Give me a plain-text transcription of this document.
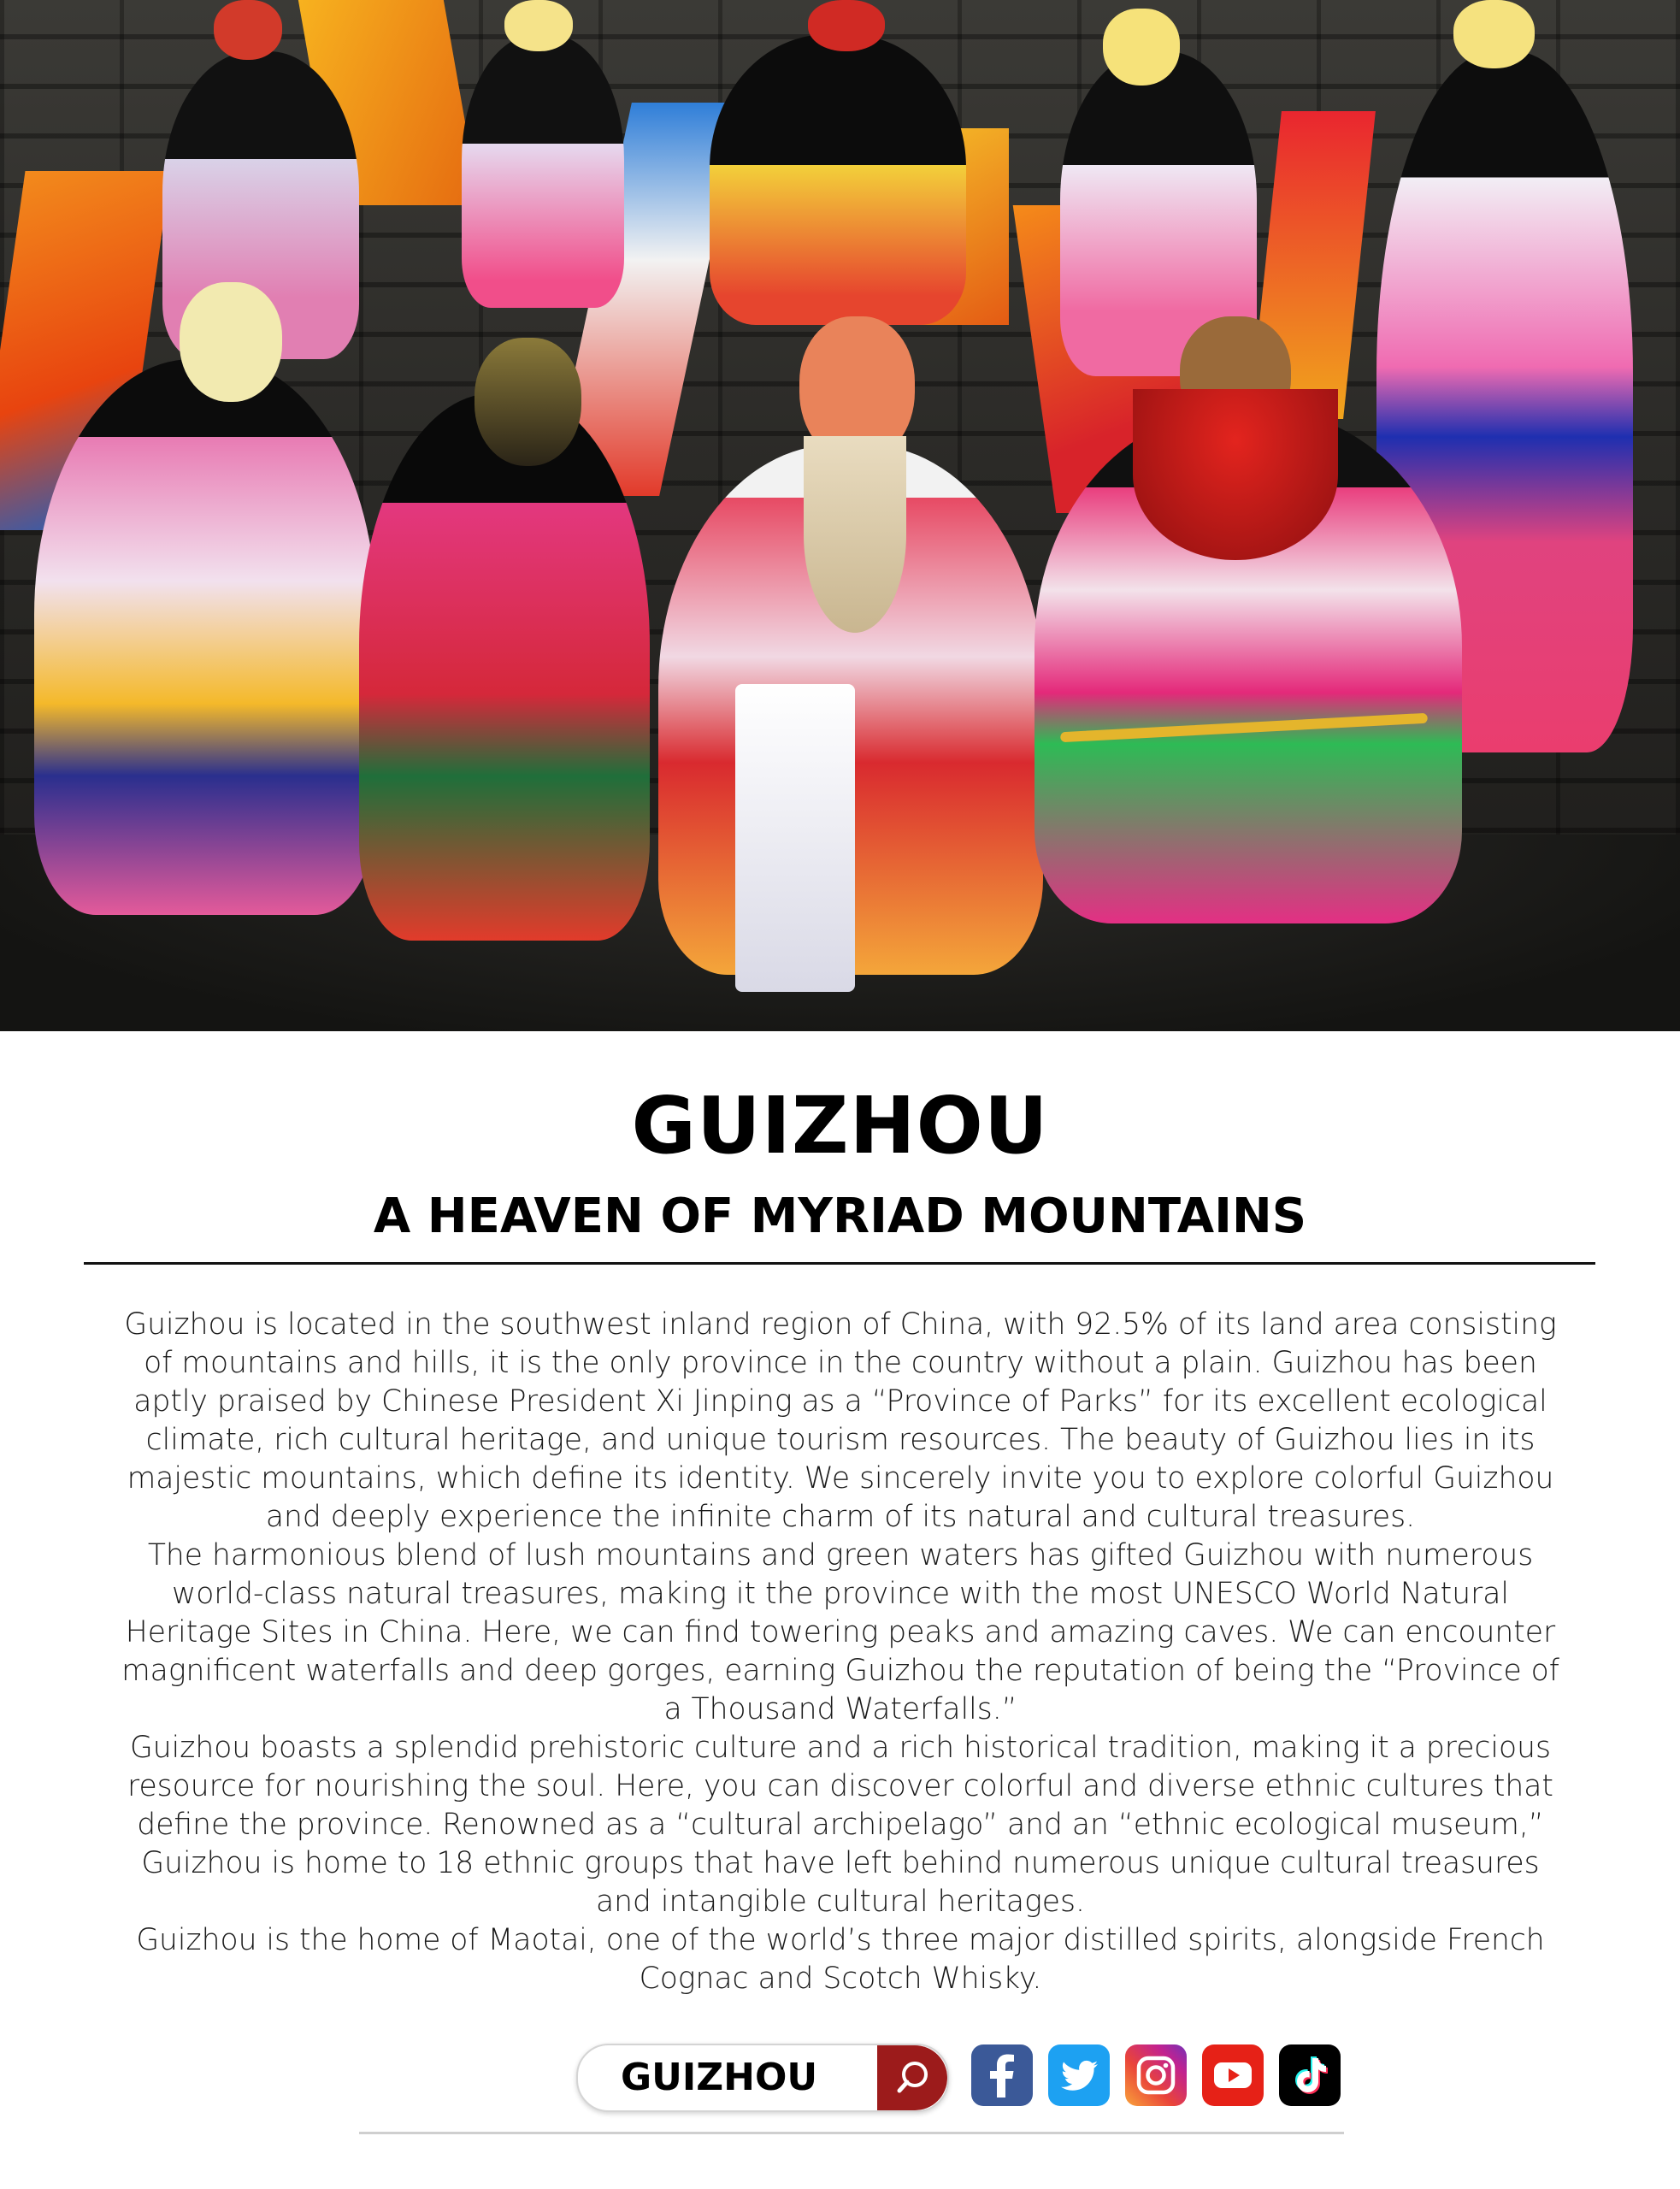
GUIZHOU
A HEAVEN OF MYRIAD MOUNTAINS

Guizhou is located in the southwest inland region of China, with 92.5% of its land area consisting of mountains and hills, it is the only province in the country without a plain. Guizhou has been aptly praised by Chinese President Xi Jinping as a “Province of Parks” for its excellent ecological climate, rich cultural heritage, and unique tourism resources. The beauty of Guizhou lies in its majestic mountains, which define its identity. We sincerely invite you to explore colorful Guizhou and deeply experience the infinite charm of its natural and cultural treasures.

The harmonious blend of lush mountains and green waters has gifted Guizhou with numerous world-class natural treasures, making it the province with the most UNESCO World Natural Heritage Sites in China. Here, we can find towering peaks and amazing caves. We can encounter magnificent waterfalls and deep gorges, earning Guizhou the reputation of being the “Province of a Thousand Waterfalls.”

Guizhou boasts a splendid prehistoric culture and a rich historical tradition, making it a precious resource for nourishing the soul. Here, you can discover colorful and diverse ethnic cultures that define the province. Renowned as a “cultural archipelago” and an “ethnic ecological museum,” Guizhou is home to 18 ethnic groups that have left behind numerous unique cultural treasures and intangible cultural heritages.

Guizhou is the home of Maotai, one of the world’s three major distilled spirits, alongside French Cognac and Scotch Whisky.

GUIZHOU
